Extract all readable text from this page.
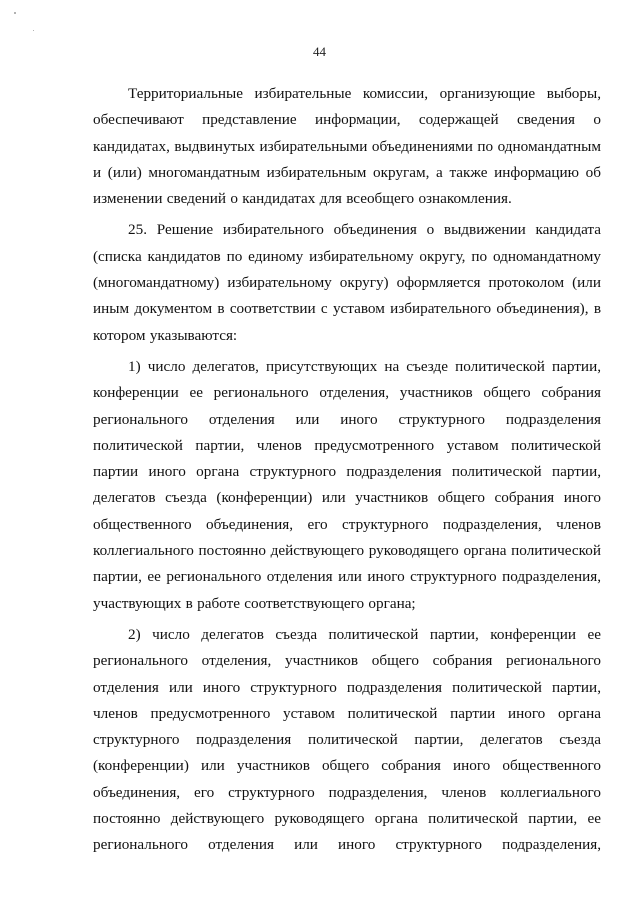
44

Территориальные избирательные комиссии, организующие выборы, обеспечивают представление информации, содержащей сведения о кандидатах, выдвинутых избирательными объединениями по одномандатным и (или) многомандатным избирательным округам, а также информацию об изменении сведений о кандидатах для всеобщего ознакомления.

25. Решение избирательного объединения о выдвижении кандидата (списка кандидатов по единому избирательному округу, по одномандатному (многомандатному) избирательному округу) оформляется протоколом (или иным документом в соответствии с уставом избирательного объединения), в котором указываются:

1) число делегатов, присутствующих на съезде политической партии, конференции ее регионального отделения, участников общего собрания регионального отделения или иного структурного подразделения политической партии, членов предусмотренного уставом политической партии иного органа структурного подразделения политической партии, делегатов съезда (конференции) или участников общего собрания иного общественного объединения, его структурного подразделения, членов коллегиального постоянно действующего руководящего органа политической партии, ее регионального отделения или иного структурного подразделения, участвующих в работе соответствующего органа;

2) число делегатов съезда политической партии, конференции ее регионального отделения, участников общего собрания регионального отделения или иного структурного подразделения политической партии, членов предусмотренного уставом политической партии иного органа структурного подразделения политической партии, делегатов съезда (конференции) или участников общего собрания иного общественного объединения, его структурного подразделения, членов коллегиального постоянно действующего руководящего органа политической партии, ее регионального отделения или иного структурного подразделения,
